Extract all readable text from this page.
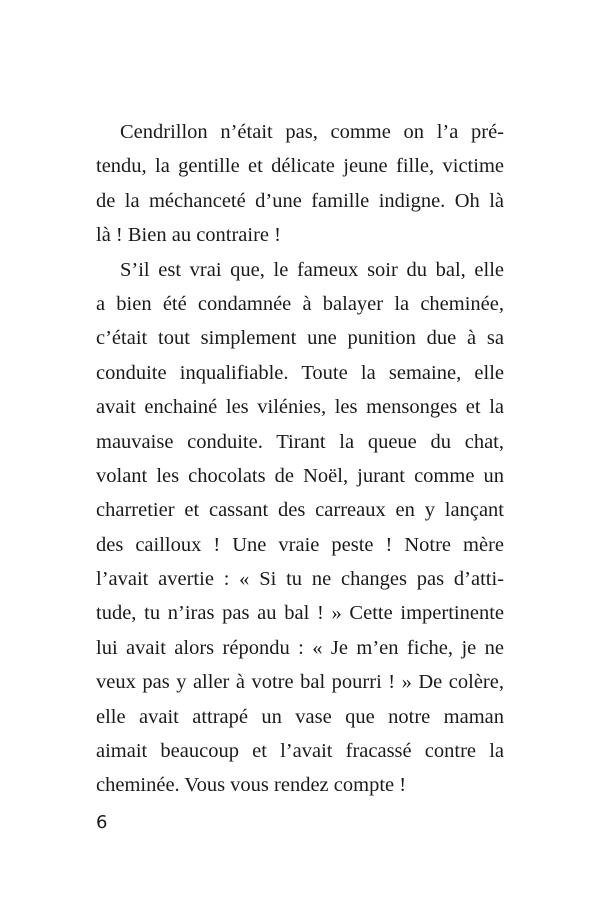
Cendrillon n’était pas, comme on l’a pré-
tendu, la gentille et délicate jeune fille, victime
de la méchanceté d’une famille indigne. Oh là
là ! Bien au contraire !
S’il est vrai que, le fameux soir du bal, elle
a bien été condamnée à balayer la cheminée,
c’était tout simplement une punition due à sa
conduite inqualifiable. Toute la semaine, elle
avait enchainé les vilénies, les mensonges et la
mauvaise conduite. Tirant la queue du chat,
volant les chocolats de Noël, jurant comme un
charretier et cassant des carreaux en y lançant
des cailloux ! Une vraie peste ! Notre mère
l’avait avertie : « Si tu ne changes pas d’atti-
tude, tu n’iras pas au bal ! » Cette impertinente
lui avait alors répondu : « Je m’en fiche, je ne
veux pas y aller à votre bal pourri ! » De colère,
elle avait attrapé un vase que notre maman
aimait beaucoup et l’avait fracassé contre la
cheminée. Vous vous rendez compte !
6
